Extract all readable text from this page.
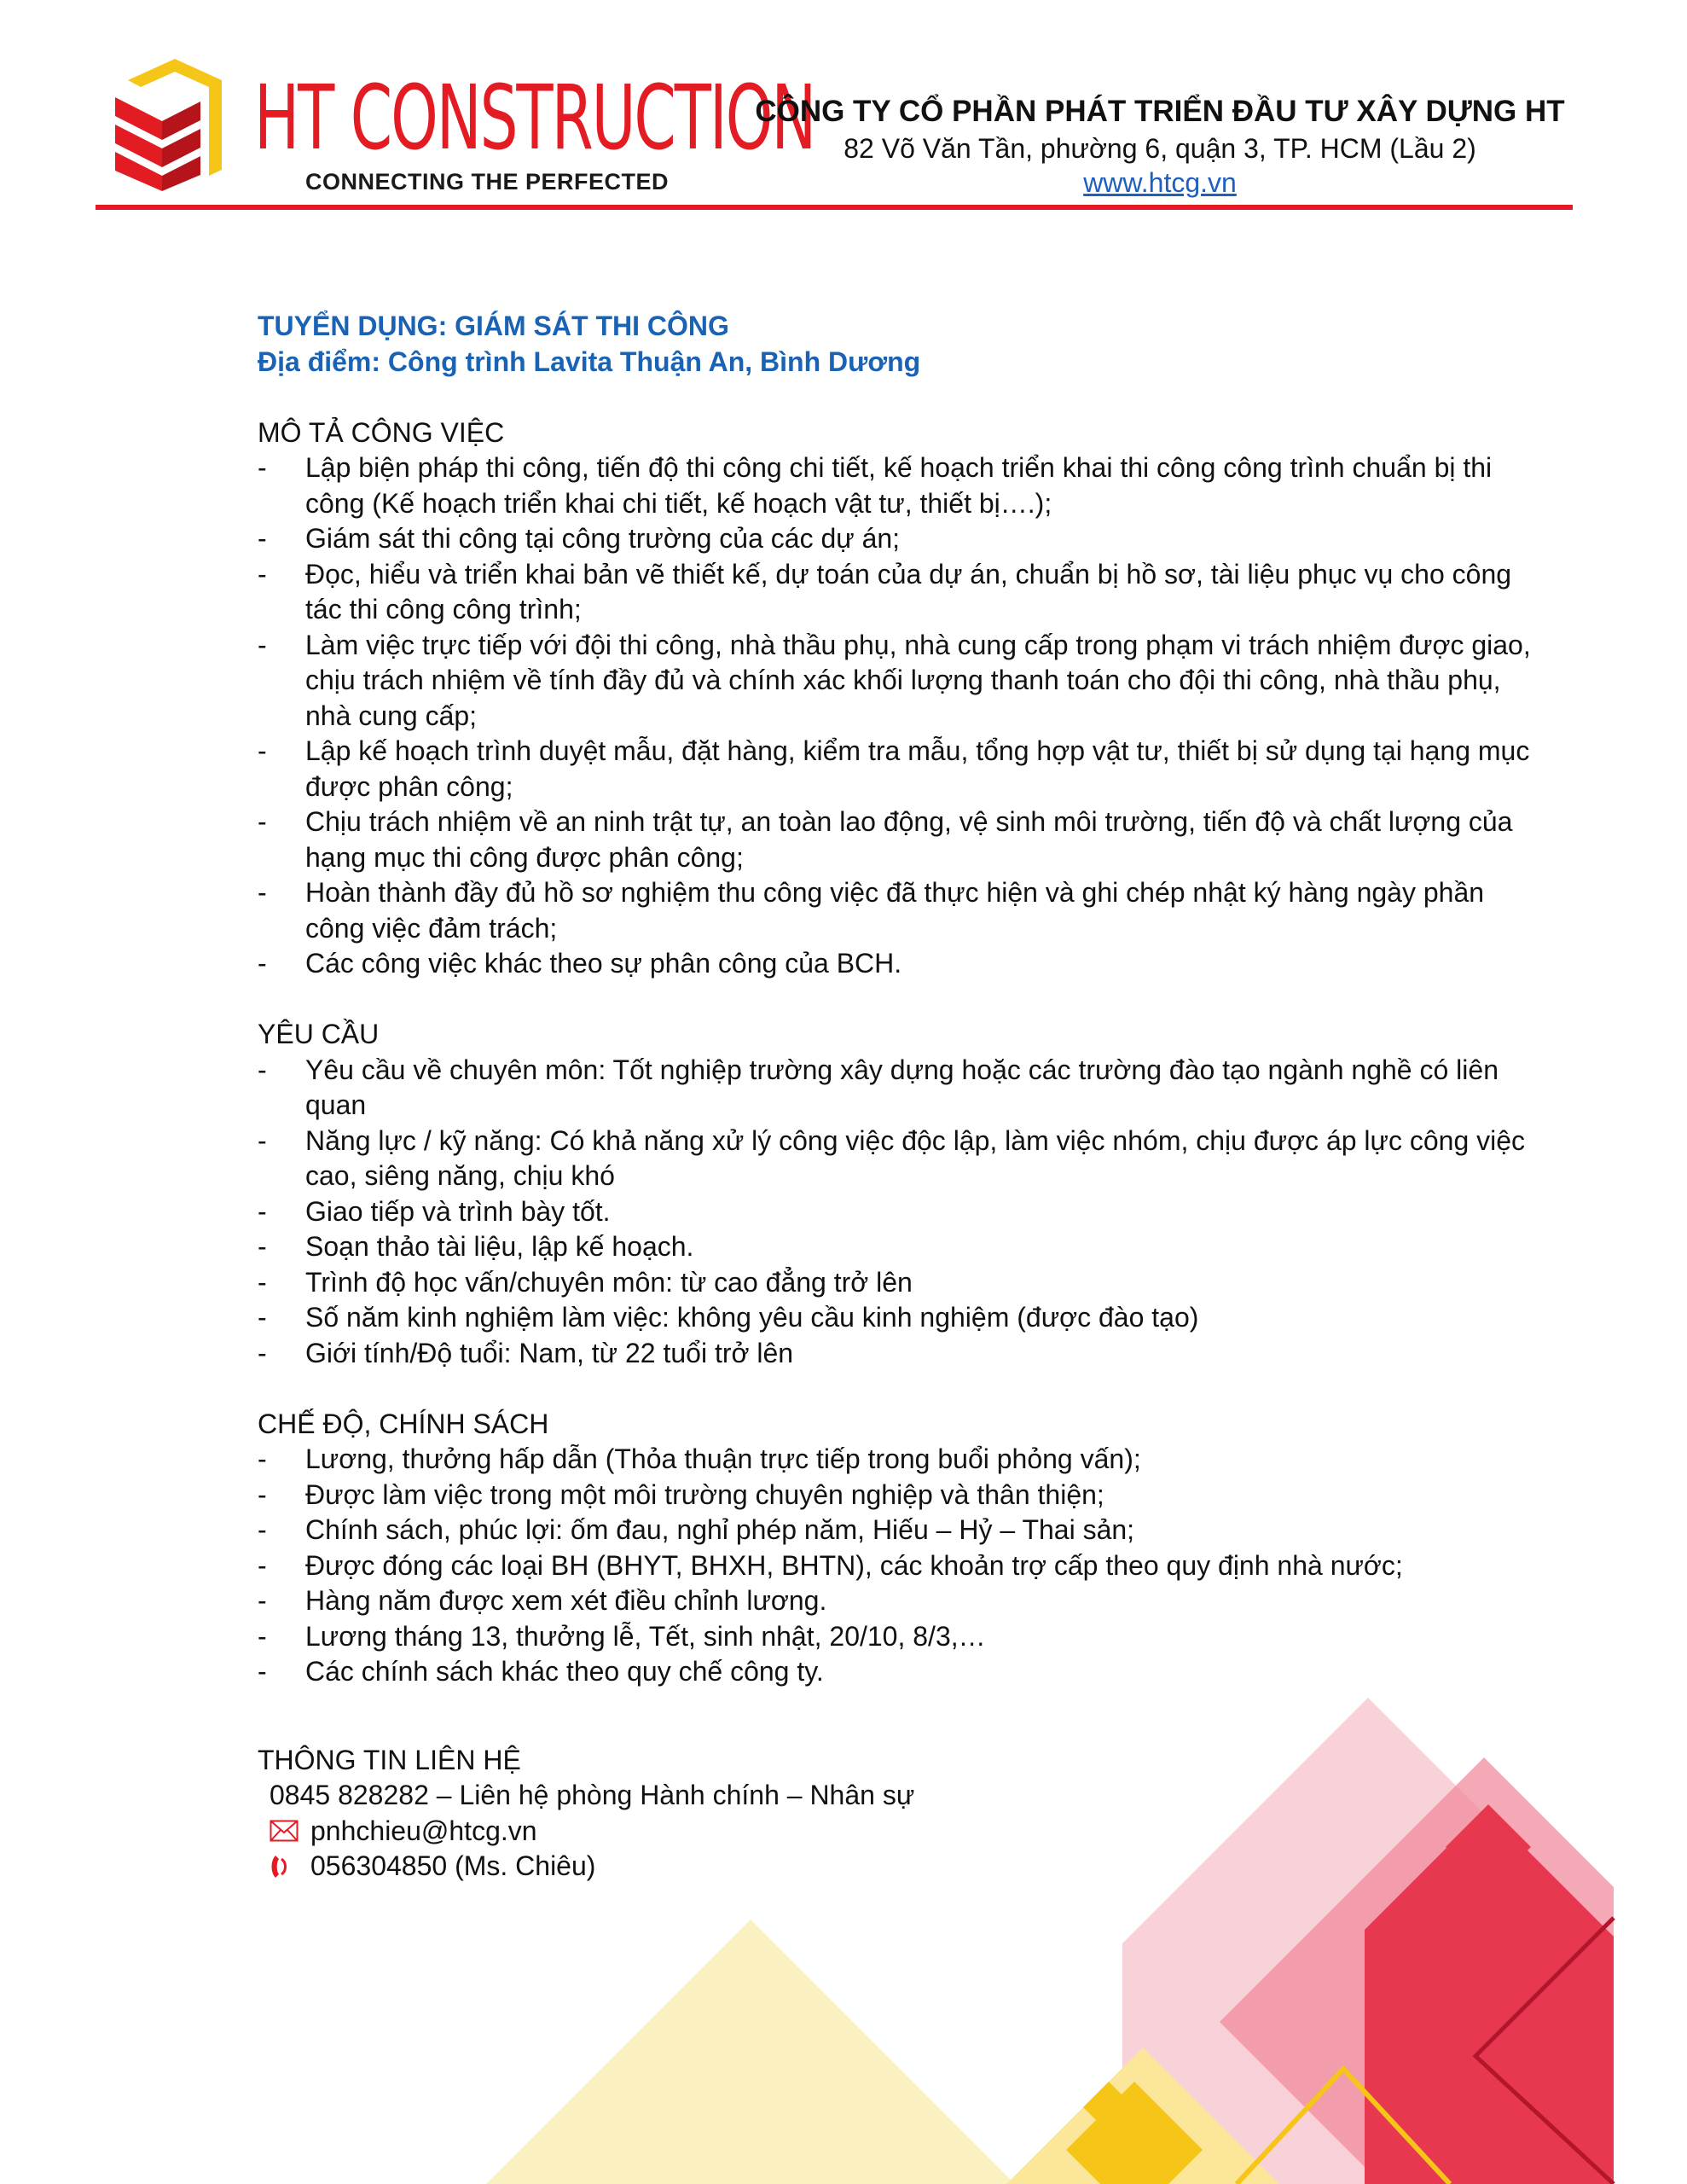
HT CONSTRUCTION
CONNECTING THE PERFECTED
CÔNG TY CỔ PHẦN PHÁT TRIỂN ĐẦU TƯ XÂY DỰNG HT
82 Võ Văn Tần, phường 6, quận 3, TP. HCM (Lầu 2)
www.htcg.vn
TUYỂN DỤNG: GIÁM SÁT THI CÔNG
Địa điểm: Công trình Lavita Thuận An, Bình Dương
MÔ TẢ CÔNG VIỆC
- Lập biện pháp thi công, tiến độ thi công chi tiết, kế hoạch triển khai thi công công trình chuẩn bị thi công (Kế hoạch triển khai chi tiết, kế hoạch vật tư, thiết bị….);
- Giám sát thi công tại công trường của các dự án;
- Đọc, hiểu và triển khai bản vẽ thiết kế, dự toán của dự án, chuẩn bị hồ sơ, tài liệu phục vụ cho công tác thi công công trình;
- Làm việc trực tiếp với đội thi công, nhà thầu phụ, nhà cung cấp trong phạm vi trách nhiệm được giao, chịu trách nhiệm về tính đầy đủ và chính xác khối lượng thanh toán cho đội thi công, nhà thầu phụ, nhà cung cấp;
- Lập kế hoạch trình duyệt mẫu, đặt hàng, kiểm tra mẫu, tổng hợp vật tư, thiết bị sử dụng tại hạng mục được phân công;
- Chịu trách nhiệm về an ninh trật tự, an toàn lao động, vệ sinh môi trường, tiến độ và chất lượng của hạng mục thi công được phân công;
- Hoàn thành đầy đủ hồ sơ nghiệm thu công việc đã thực hiện và ghi chép nhật ký hàng ngày phần công việc đảm trách;
- Các công việc khác theo sự phân công của BCH.
YÊU CẦU
- Yêu cầu về chuyên môn: Tốt nghiệp trường xây dựng hoặc các trường đào tạo ngành nghề có liên quan
- Năng lực / kỹ năng: Có khả năng xử lý công việc độc lập, làm việc nhóm, chịu được áp lực công việc cao, siêng năng, chịu khó
- Giao tiếp và trình bày tốt.
- Soạn thảo tài liệu, lập kế hoạch.
- Trình độ học vấn/chuyên môn: từ cao đẳng trở lên
- Số năm kinh nghiệm làm việc: không yêu cầu kinh nghiệm (được đào tạo)
- Giới tính/Độ tuổi: Nam, từ 22 tuổi trở lên
CHẾ ĐỘ, CHÍNH SÁCH
- Lương, thưởng hấp dẫn (Thỏa thuận trực tiếp trong buổi phỏng vấn);
- Được làm việc trong một môi trường chuyên nghiệp và thân thiện;
- Chính sách, phúc lợi: ốm đau, nghỉ phép năm, Hiếu – Hỷ – Thai sản;
- Được đóng các loại BH (BHYT, BHXH, BHTN), các khoản trợ cấp theo quy định nhà nước;
- Hàng năm được xem xét điều chỉnh lương.
- Lương tháng 13, thưởng lễ, Tết, sinh nhật, 20/10, 8/3,…
- Các chính sách khác theo quy chế công ty.
THÔNG TIN LIÊN HỆ
0845 828282 – Liên hệ phòng Hành chính – Nhân sự
pnhchieu@htcg.vn
056304850 (Ms. Chiêu)
